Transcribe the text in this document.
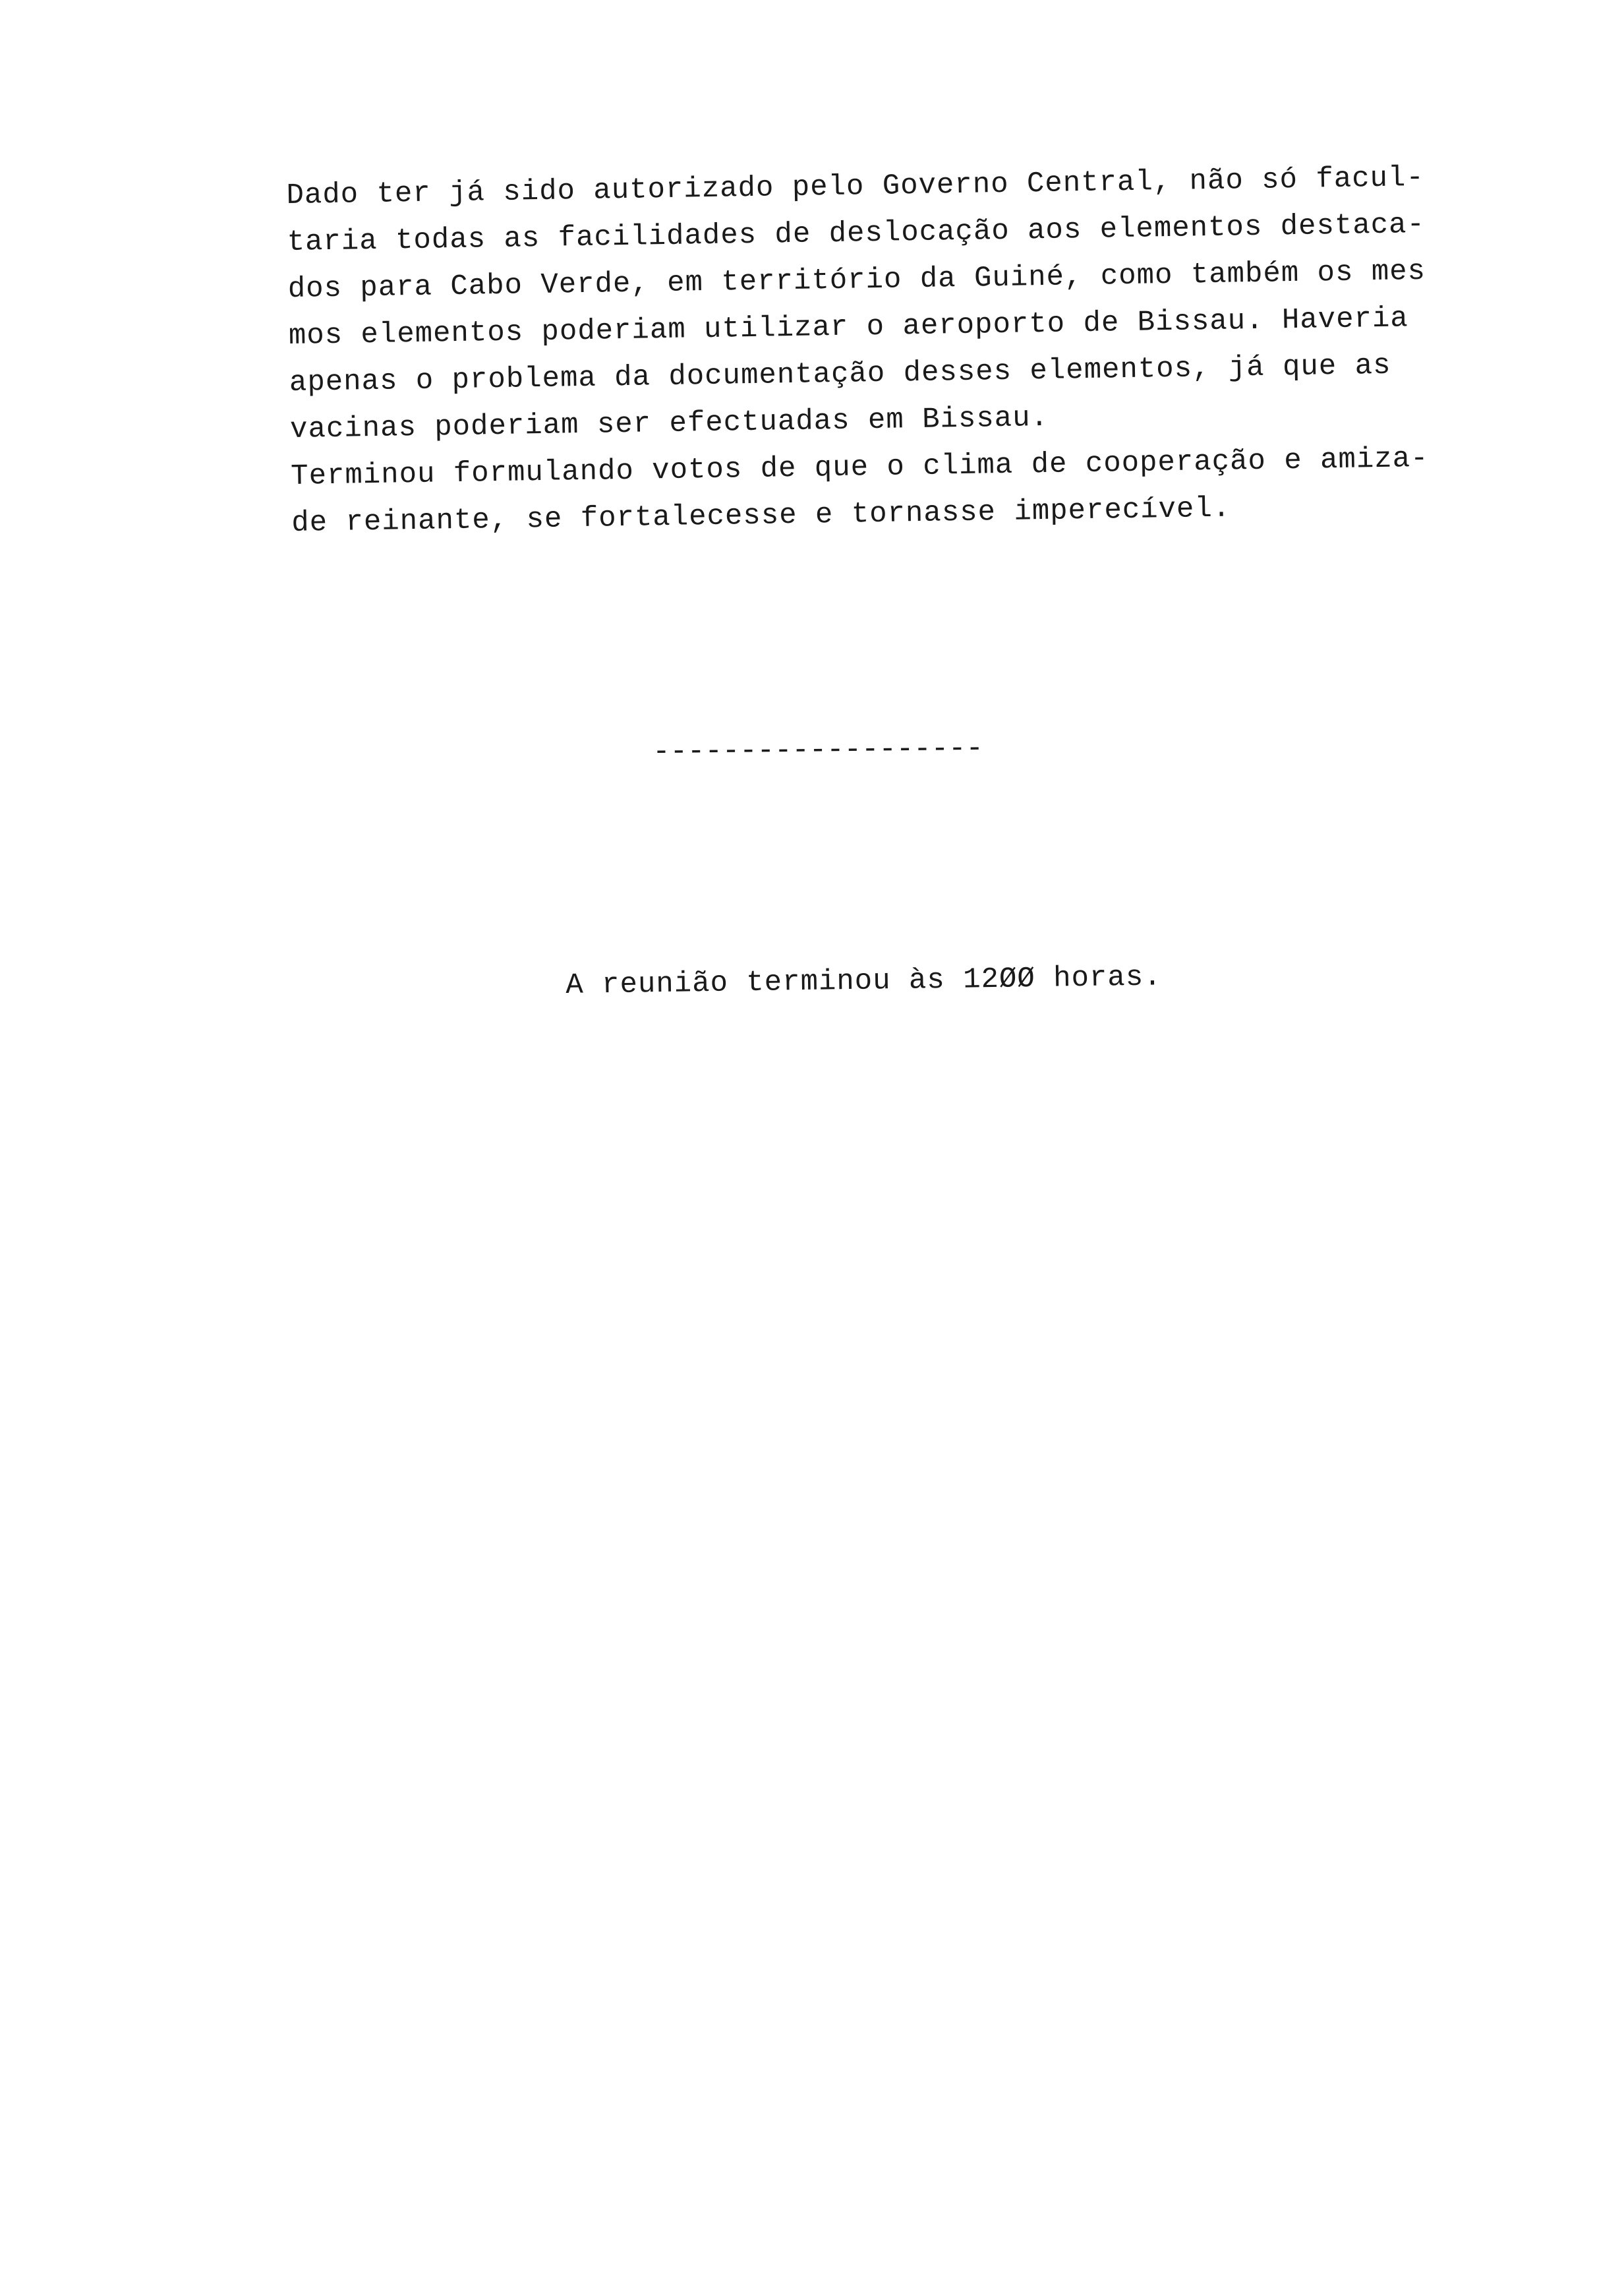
Dado ter já sido autorizado pelo Governo Central, não só facul-
taria todas as facilidades de deslocação aos elementos destaca-
dos para Cabo Verde, em território da Guiné, como também os mes
mos elementos poderiam utilizar o aeroporto de Bissau. Haveria
apenas o problema da documentação desses elementos, já que as
vacinas poderiam ser efectuadas em Bissau.
Terminou formulando votos de que o clima de cooperação e amiza-
de reinante, se fortalecesse e tornasse imperecível.
-------------------
A reunião terminou às 12ØØ horas.
